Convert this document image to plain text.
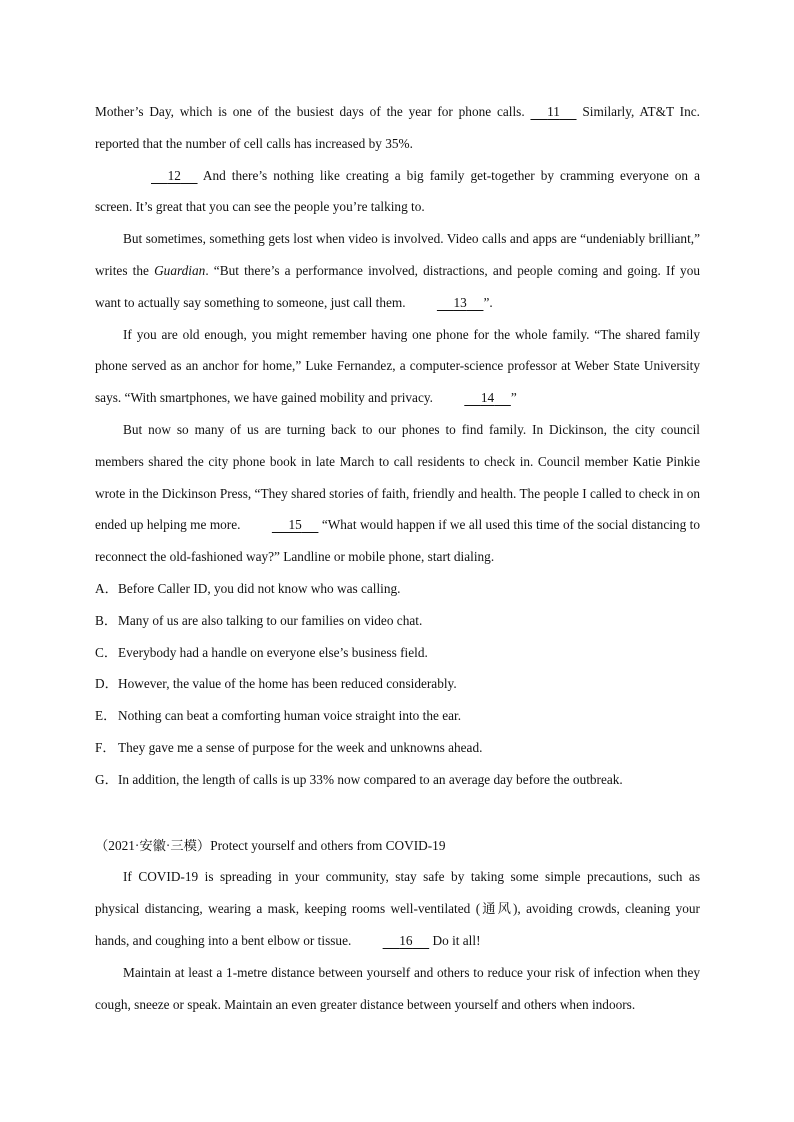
Mother’s Day, which is one of the busiest days of the year for phone calls.      11      Similarly, AT&T Inc. reported that the number of cell calls has increased by 35%.

12      And there’s nothing like creating a big family get-together by cramming everyone on a screen. It’s great that you can see the people you’re talking to.

But sometimes, something gets lost when video is involved. Video calls and apps are “undeniably brilliant,” writes the Guardian. “But there’s a performance involved, distractions, and people coming and going. If you want to actually say something to someone, just call them.	13 ”.

If you are old enough, you might remember having one phone for the whole family. “The shared family phone served as an anchor for home,” Luke Fernandez, a computer-science professor at Weber State University says. “With smartphones, we have gained mobility and privacy.	14 ”

But now so many of us are turning back to our phones to find family. In Dickinson, the city council members shared the city phone book in late March to call residents to check in. Council member Katie Pinkie wrote in the Dickinson Press, “They shared stories of faith, friendly and health. The people I called to check in on ended up helping me more.	15      “What would happen if we all used this time of the social distancing to reconnect the old-fashioned way?” Landline or mobile phone, start dialing.

A．Before Caller ID, you did not know who was calling.

B．Many of us are also talking to our families on video chat.

C．Everybody had a handle on everyone else’s business field.

D．However, the value of the home has been reduced considerably.

E． Nothing can beat a comforting human voice straight into the ear.

F． They gave me a sense of purpose for the week and unknowns ahead.

G．In addition, the length of calls is up 33% now compared to an average day before the outbreak.

（2021·安徽·三模）Protect yourself and others from COVID-19

If COVID-19 is spreading in your community, stay safe by taking some simple precautions, such as physical distancing, wearing a mask, keeping rooms well-ventilated (通风), avoiding crowds, cleaning your hands, and coughing into a bent elbow or tissue.	16      Do it all!

Maintain at least a 1-metre distance between yourself and others to reduce your risk of infection when they cough, sneeze or speak. Maintain an even greater distance between yourself and others when indoors.
